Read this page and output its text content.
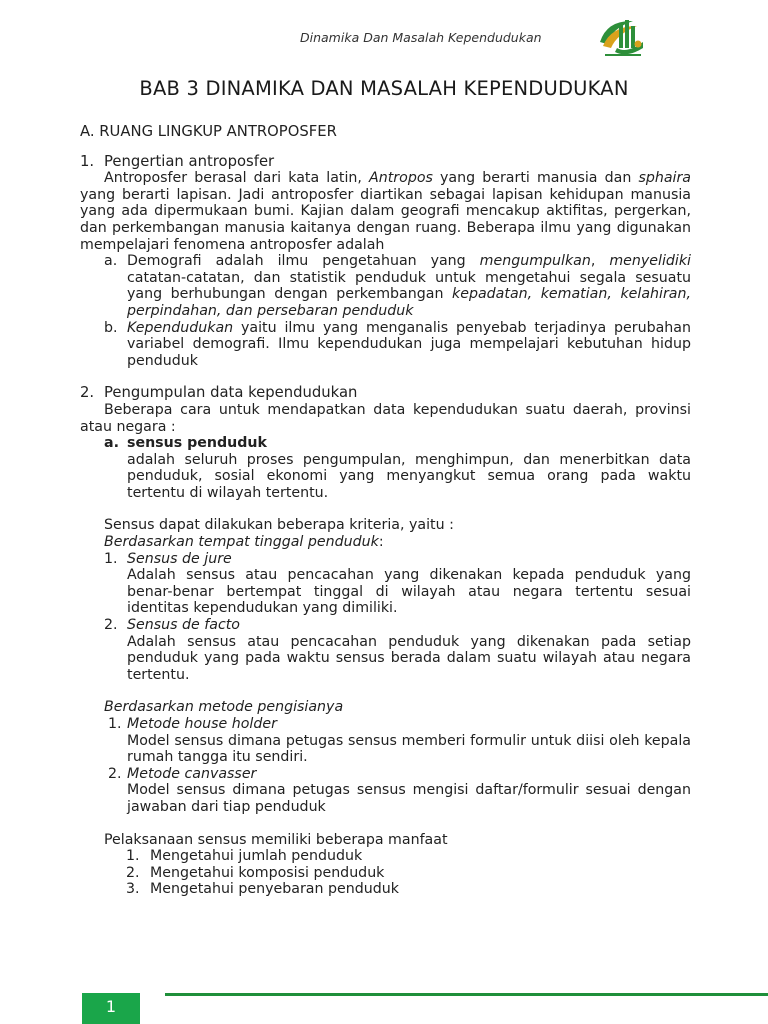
Dinamika Dan Masalah Kependudukan
BAB 3 DINAMIKA DAN MASALAH KEPENDUDUKAN
A. RUANG LINGKUP ANTROPOSFER
1. Pengertian antroposfer

Antroposfer berasal dari kata latin, Antropos yang berarti manusia dan sphaira yang berarti lapisan. Jadi antroposfer diartikan sebagai lapisan kehidupan manusia yang ada dipermukaan bumi. Kajian dalam geografi mencakup aktifitas, pergerkan, dan perkembangan manusia kaitanya dengan ruang. Beberapa ilmu yang digunakan mempelajari fenomena antroposfer adalah

a. Demografi adalah ilmu pengetahuan yang mengumpulkan, menyelidiki catatan-catatan, dan statistik penduduk untuk mengetahui segala sesuatu yang berhubungan dengan perkembangan kepadatan, kematian, kelahiran, perpindahan, dan persebaran penduduk
b. Kependudukan yaitu ilmu yang menganalis penyebab terjadinya perubahan variabel demografi. Ilmu kependudukan juga mempelajari kebutuhan hidup penduduk
2. Pengumpulan data kependudukan

Beberapa cara untuk mendapatkan data kependudukan suatu daerah, provinsi atau negara :

a. sensus penduduk
adalah seluruh proses pengumpulan, menghimpun, dan menerbitkan data penduduk, sosial ekonomi yang menyangkut semua orang pada waktu tertentu di wilayah tertentu.
Sensus dapat dilakukan beberapa kriteria, yaitu :
Berdasarkan tempat tinggal penduduk:
1. Sensus de jure
Adalah sensus atau pencacahan yang dikenakan kepada penduduk yang benar-benar bertempat tinggal di wilayah atau negara tertentu sesuai identitas kependudukan yang dimiliki.
2. Sensus de facto
Adalah sensus atau pencacahan penduduk yang dikenakan pada setiap penduduk yang pada waktu sensus berada dalam suatu wilayah atau negara tertentu.
Berdasarkan metode pengisianya
1. Metode house holder
Model sensus dimana petugas sensus memberi formulir untuk diisi oleh kepala rumah tangga itu sendiri.
2. Metode canvasser
Model sensus dimana petugas sensus mengisi daftar/formulir sesuai dengan jawaban dari tiap penduduk
Pelaksanaan sensus memiliki beberapa manfaat
1. Mengetahui jumlah penduduk
2. Mengetahui komposisi penduduk
3. Mengetahui penyebaran penduduk
1
